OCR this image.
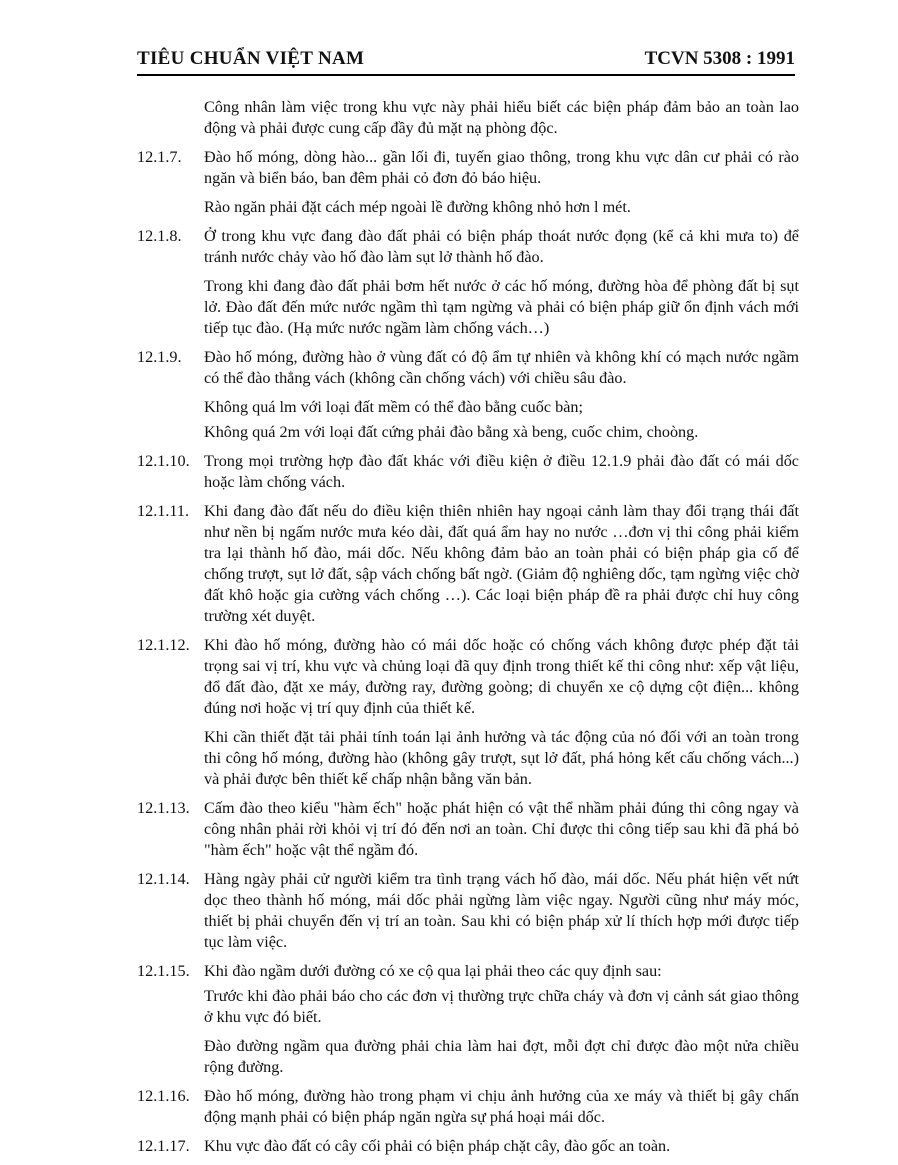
TIÊU CHUẨN VIỆT NAM	TCVN 5308 : 1991
Công nhân làm việc trong khu vực này phải hiểu biết các biện pháp đảm bảo an toàn lao động và phải được cung cấp đầy đủ mặt nạ phòng độc.
12.1.7. Đào hố móng, dòng hào... gần lối đi, tuyến giao thông, trong khu vực dân cư phải có rào ngăn và biển báo, ban đêm phải cỏ đơn đỏ báo hiệu.
Rào ngăn phải đặt cách mép ngoài lề đường không nhỏ hơn l mét.
12.1.8. Ở trong khu vực đang đào đất phải có biện pháp thoát nước đọng (kể cả khi mưa to) để tránh nước chảy vào hố đào làm sụt lở thành hố đào.
Trong khi đang đào đất phải bơm hết nước ở các hố móng, đường hòa để phòng đất bị sụt lở. Đào đất đến mức nước ngầm thì tạm ngừng và phải có biện pháp giữ ổn định vách mới tiếp tục đào. (Hạ mức nước ngầm làm chống vách…)
12.1.9. Đào hố móng, đường hào ở vùng đất có độ ẩm tự nhiên và không khí có mạch nước ngầm có thể đào thẳng vách (không cần chống vách) với chiều sâu đào.
Không quá lm với loại đất mềm có thể đào bằng cuốc bàn;
Không quá 2m với loại đất cứng phải đào bằng xà beng, cuốc chim, choòng.
12.1.10. Trong mọi trường hợp đào đất khác với điều kiện ở điều 12.1.9 phải đào đất có mái dốc hoặc làm chống vách.
12.1.11. Khi đang đào đất nếu do điều kiện thiên nhiên hay ngoại cảnh làm thay đổi trạng thái đất như nền bị ngấm nước mưa kéo dài, đất quá ẩm hay no nước …đơn vị thi công phải kiểm tra lại thành hố đào, mái dốc. Nếu không đảm bảo an toàn phải có biện pháp gia cố để chống trượt, sụt lở đất, sập vách chống bất ngờ. (Giảm độ nghiêng dốc, tạm ngừng việc chờ đất khô hoặc gia cường vách chống …). Các loại biện pháp đề ra phải được chỉ huy công trường xét duyệt.
12.1.12. Khi đào hố móng, đường hào có mái dốc hoặc có chống vách không được phép đặt tải trọng sai vị trí, khu vực và chủng loại đã quy định trong thiết kế thi công như: xếp vật liệu, đổ đất đào, đặt xe máy, đường ray, đường goòng; di chuyển xe cộ dựng cột điện... không đúng nơi hoặc vị trí quy định của thiết kế.
Khi cần thiết đặt tải phải tính toán lại ảnh hưởng và tác động của nó đối với an toàn trong thi công hố móng, đường hào (không gây trượt, sụt lở đất, phá hỏng kết cấu chống vách...) và phải được bên thiết kế chấp nhận bằng văn bản.
12.1.13. Cấm đào theo kiểu "hàm ếch" hoặc phát hiện có vật thể nhầm phải đúng thi công ngay và công nhân phải rời khỏi vị trí đó đến nơi an toàn. Chỉ được thi công tiếp sau khi đã phá bỏ "hàm ếch" hoặc vật thể ngầm đó.
12.1.14. Hàng ngày phải cử người kiểm tra tình trạng vách hố đào, mái dốc. Nếu phát hiện vết nứt dọc theo thành hố móng, mái dốc phải ngừng làm việc ngay. Người cũng như máy móc, thiết bị phải chuyển đến vị trí an toàn. Sau khi có biện pháp xử lí thích hợp mới được tiếp tục làm việc.
12.1.15. Khi đào ngầm dưới đường có xe cộ qua lại phải theo các quy định sau:
Trước khi đào phải báo cho các đơn vị thường trực chữa cháy và đơn vị cảnh sát giao thông ở khu vực đó biết.
Đào đường ngầm qua đường phải chia làm hai đợt, mỗi đợt chỉ được đào một nửa chiều rộng đường.
12.1.16. Đào hố móng, đường hào trong phạm vi chịu ảnh hưởng của xe máy và thiết bị gây chấn động mạnh phải có biện pháp ngăn ngừa sự phá hoại mái dốc.
12.1.17. Khu vực đào đất có cây cối phải có biện pháp chặt cây, đào gốc an toàn.
